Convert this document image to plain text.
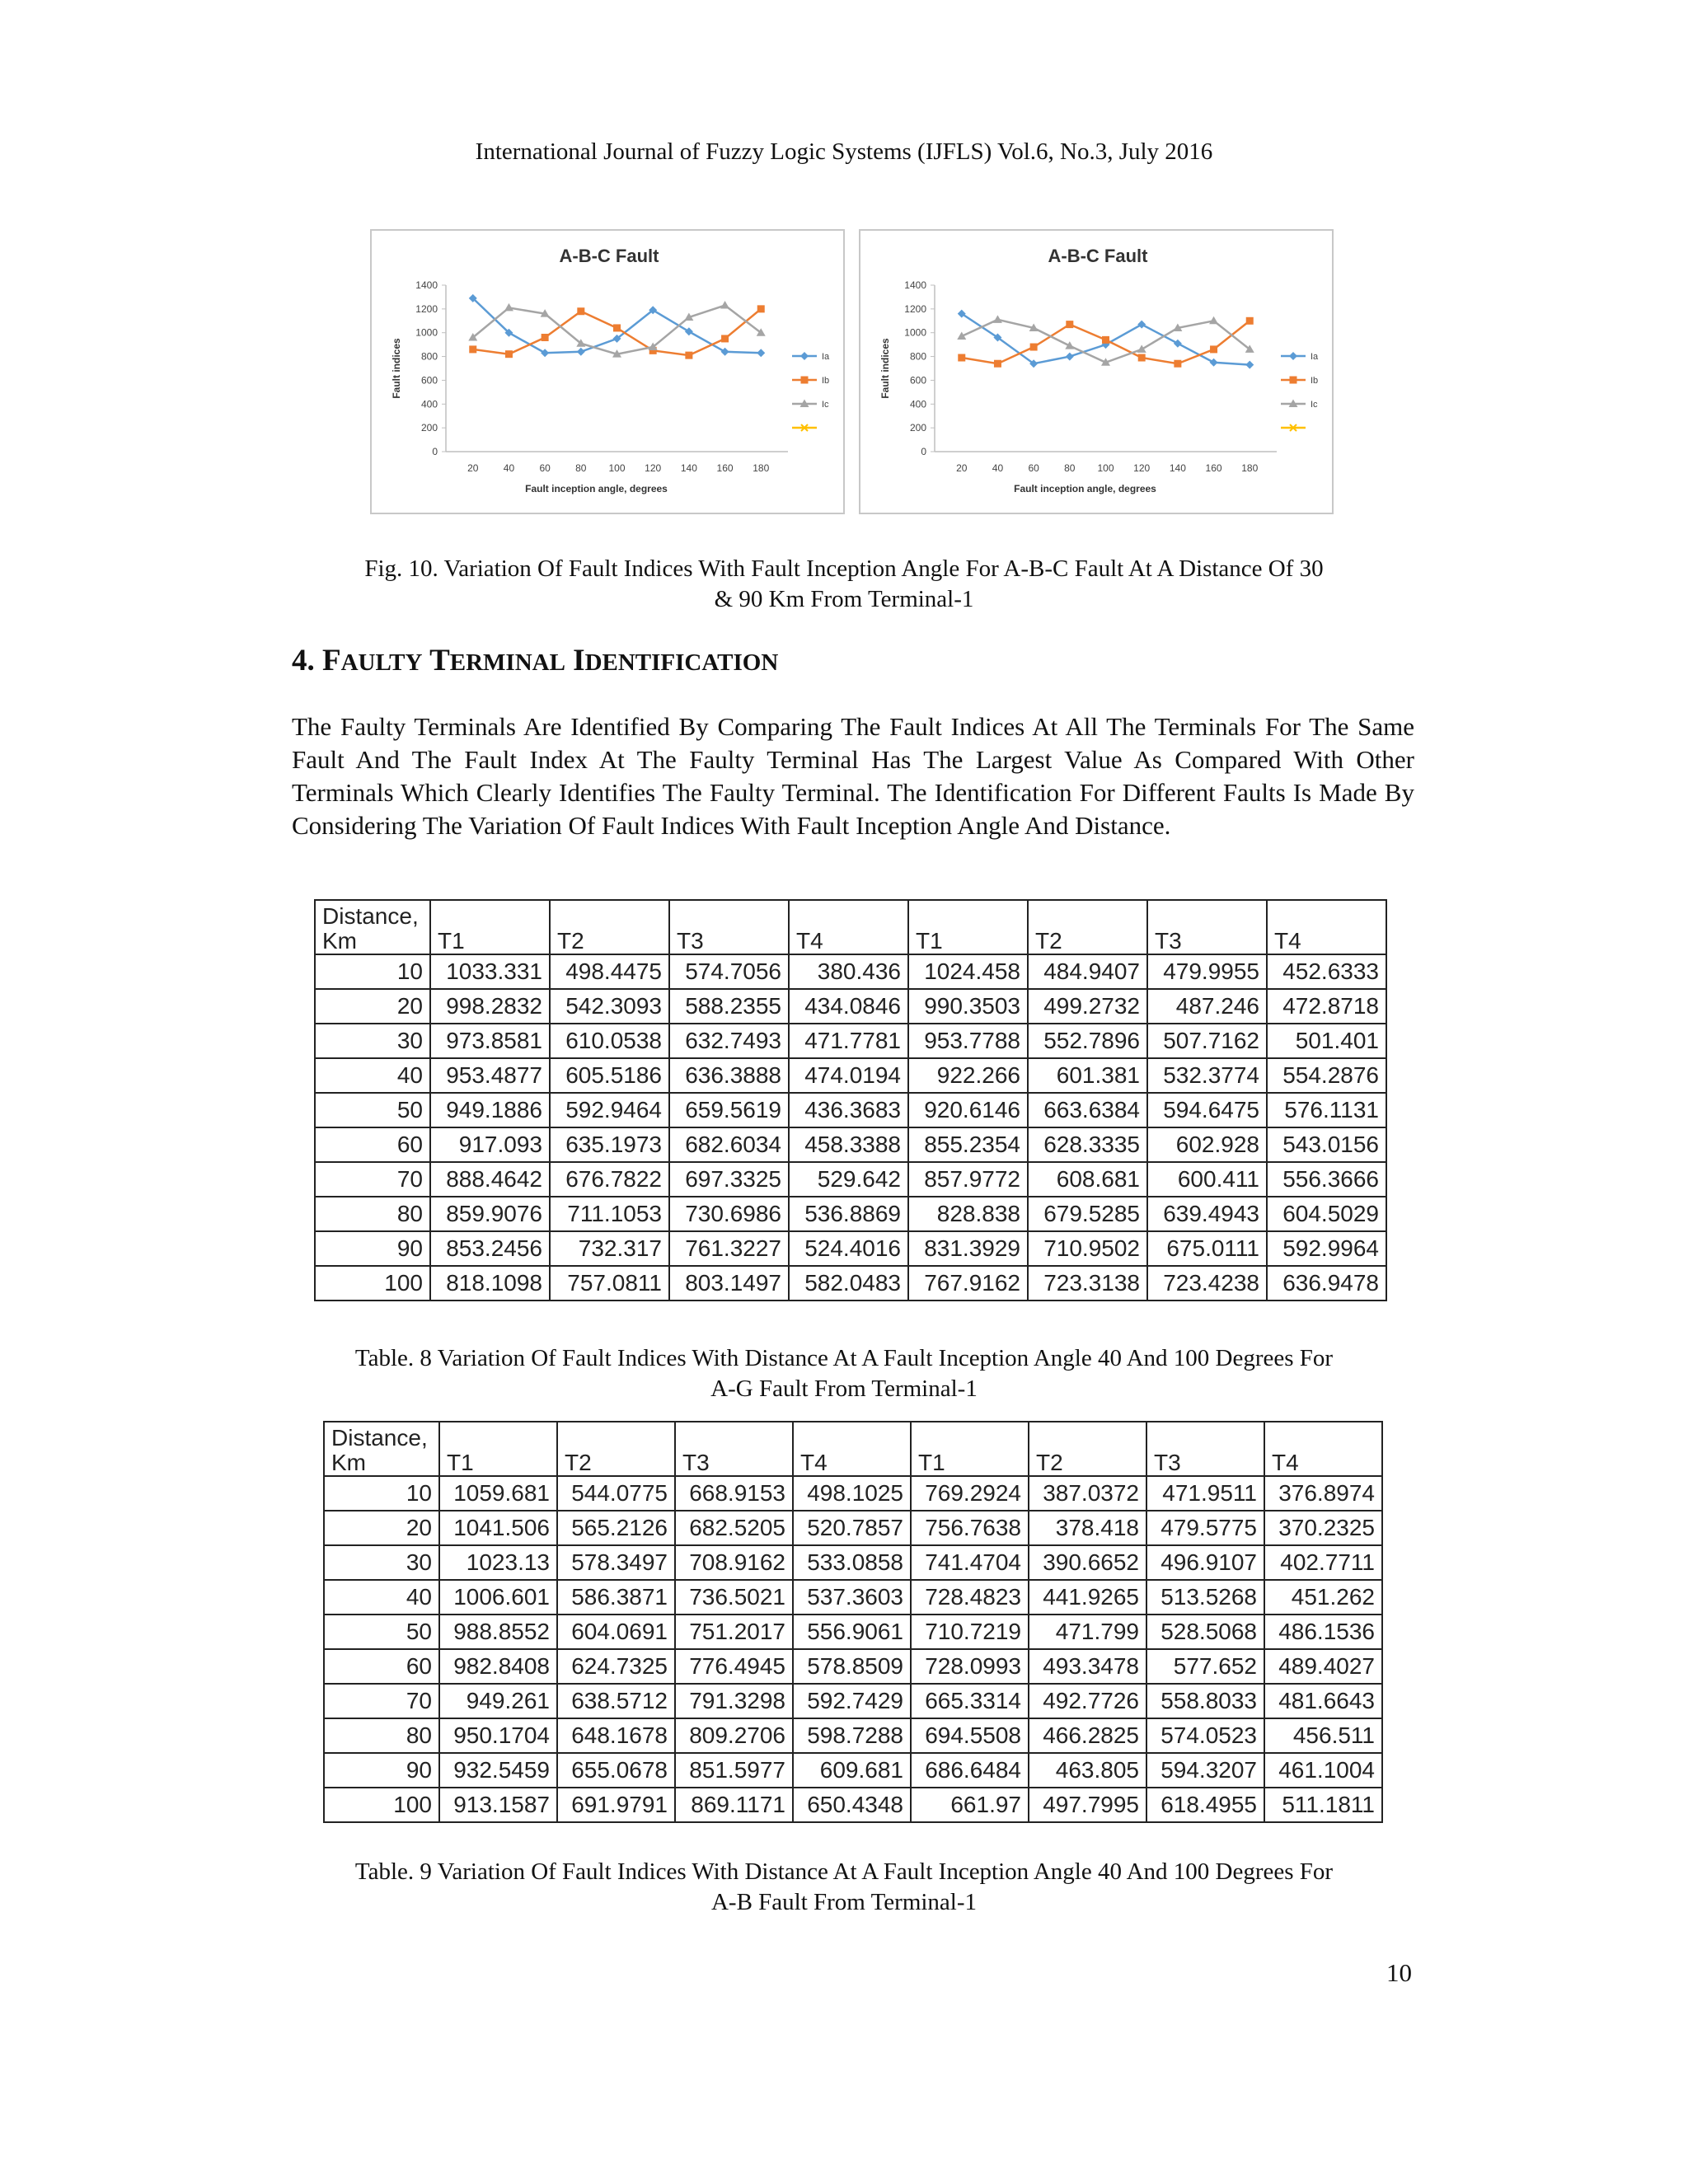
International Journal of Fuzzy Logic Systems (IJFLS) Vol.6, No.3, July 2016
A-B-C Fault
Fault indices
0
200
400
600
800
1000
1200
1400
20	40	60	80 100 120 140 160 180
Fault inception angle, degrees
Ia
Ib
Ic
A-B-C Fault
Fault indices
0
200
400
600
800
1000
1200
1400
20	40	60	80 100 120 140 160 180
Fault inception angle, degrees
Ia
Ib
Ic
Fig. 10. Variation Of Fault Indices With Fault Inception Angle For A-B-C Fault At A Distance Of 30
& 90 Km From Terminal-1
4. FAULTY TERMINAL IDENTIFICATION
The Faulty Terminals Are Identified By Comparing The Fault Indices At All The Terminals For The Same Fault And The Fault Index At The Faulty Terminal Has The Largest Value As Compared With Other Terminals Which Clearly Identifies The Faulty Terminal. The Identification For Different Faults Is Made By Considering The Variation Of Fault Indices With Fault Inception Angle And Distance.
Distance,
Km	T1	T2	T3	T4	T1	T2	T3	T4
10	1033.331	498.4475	574.7056	380.436	1024.458	484.9407	479.9955	452.6333
20	998.2832	542.3093	588.2355	434.0846	990.3503	499.2732	487.246	472.8718
30	973.8581	610.0538	632.7493	471.7781	953.7788	552.7896	507.7162	501.401
40	953.4877	605.5186	636.3888	474.0194	922.266	601.381	532.3774	554.2876
50	949.1886	592.9464	659.5619	436.3683	920.6146	663.6384	594.6475	576.1131
60	917.093	635.1973	682.6034	458.3388	855.2354	628.3335	602.928	543.0156
70	888.4642	676.7822	697.3325	529.642	857.9772	608.681	600.411	556.3666
80	859.9076	711.1053	730.6986	536.8869	828.838	679.5285	639.4943	604.5029
90	853.2456	732.317	761.3227	524.4016	831.3929	710.9502	675.0111	592.9964
100	818.1098	757.0811	803.1497	582.0483	767.9162	723.3138	723.4238	636.9478
Table. 8 Variation Of Fault Indices With Distance At A Fault Inception Angle 40 And 100 Degrees For
A-G Fault From Terminal-1
Distance,
Km	T1	T2	T3	T4	T1	T2	T3	T4
10	1059.681	544.0775	668.9153	498.1025	769.2924	387.0372	471.9511	376.8974
20	1041.506	565.2126	682.5205	520.7857	756.7638	378.418	479.5775	370.2325
30	1023.13	578.3497	708.9162	533.0858	741.4704	390.6652	496.9107	402.7711
40	1006.601	586.3871	736.5021	537.3603	728.4823	441.9265	513.5268	451.262
50	988.8552	604.0691	751.2017	556.9061	710.7219	471.799	528.5068	486.1536
60	982.8408	624.7325	776.4945	578.8509	728.0993	493.3478	577.652	489.4027
70	949.261	638.5712	791.3298	592.7429	665.3314	492.7726	558.8033	481.6643
80	950.1704	648.1678	809.2706	598.7288	694.5508	466.2825	574.0523	456.511
90	932.5459	655.0678	851.5977	609.681	686.6484	463.805	594.3207	461.1004
100	913.1587	691.9791	869.1171	650.4348	661.97	497.7995	618.4955	511.1811
Table. 9 Variation Of Fault Indices With Distance At A Fault Inception Angle 40 And 100 Degrees For
A-B Fault From Terminal-1
10
